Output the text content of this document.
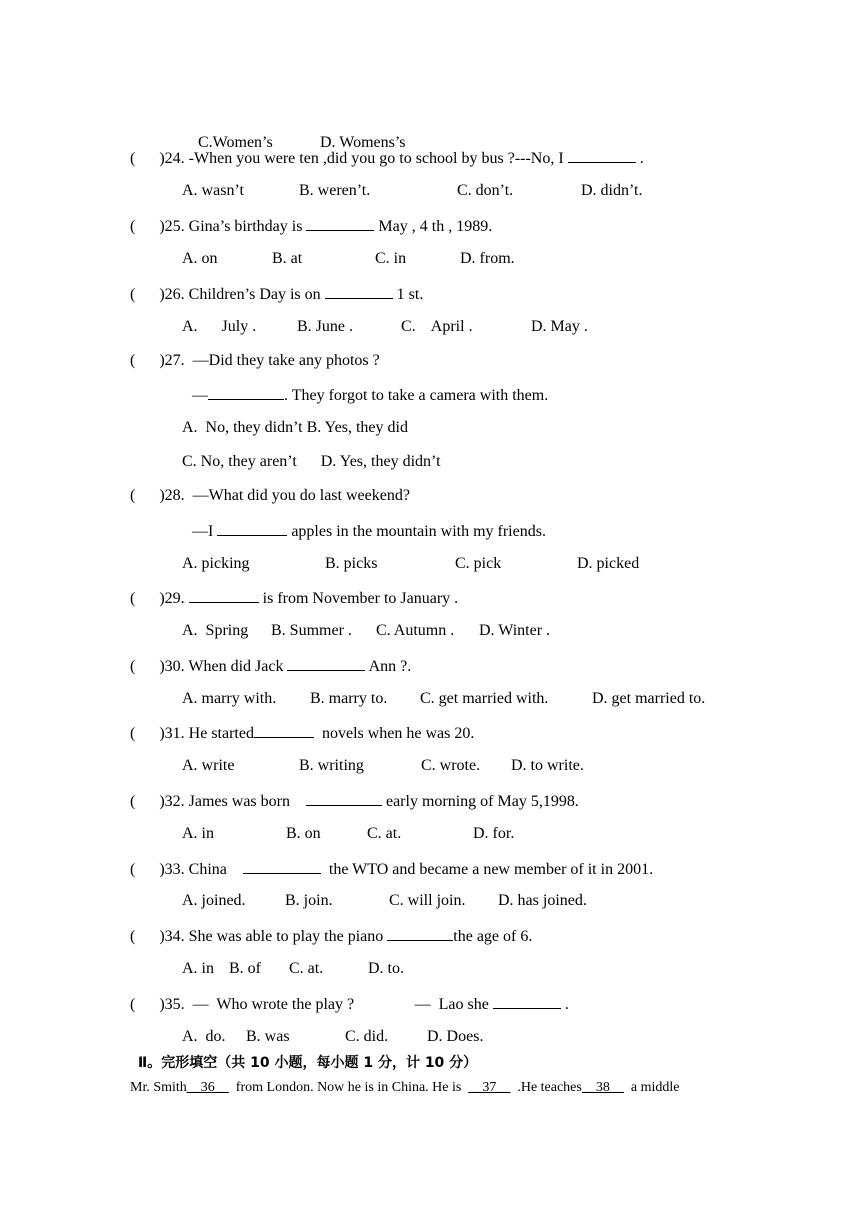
C.Women’s	D. Womens’s

(      )24. -When you were ten ,did you go to school by bus ?---No, I	.
A. wasn’t	B. weren’t.	C. don’t.	D. didn’t.
(      )25. Gina’s birthday is	May , 4 th , 1989.
A. on	B. at	C. in	D. from.
(      )26. Children’s Day is on	1 st.
A.      July .	B. June .	C.    April .	D. May .
(      )27.  —Did they take any photos ?
—	. They forgot to take a camera with them.
A.  No, they didn’t B. Yes, they did
C. No, they aren’t      D. Yes, they didn’t
(      )28.  —What did you do last weekend?
—I	apples in the mountain with my friends.
A. picking	B. picks	C. pick	D. picked
(      )29.	is from November to January .
A.  Spring B. Summer . C. Autumn . D. Winter .
(      )30. When did Jack	Ann ?.
A. marry with. B. marry to. C. get married with.	D. get married to.
(      )31. He started	novels when he was 20.
A. write	B. writing	C. wrote. D. to write.
(      )32. James was born	early morning of May 5,1998.
A. in	B. on	C. at.	D. for.
(      )33. China	the WTO and became a new member of it in 2001.
A. joined. B. join.	C. will join. D. has joined.
(      )34. She was able to play the piano	the age of 6.
A. in B. of C. at.	D. to.
(      )35.  —  Who wrote the play ?	—  Lao she	.
A.  do. B. was	C. did. D. Does.
Ⅱ。完形填空（共 10 小题，每小题 1 分，计 10 分）
Mr. Smith__36__  from London. Now he is in China. He is  __37__  .He teaches__38__  a middle
